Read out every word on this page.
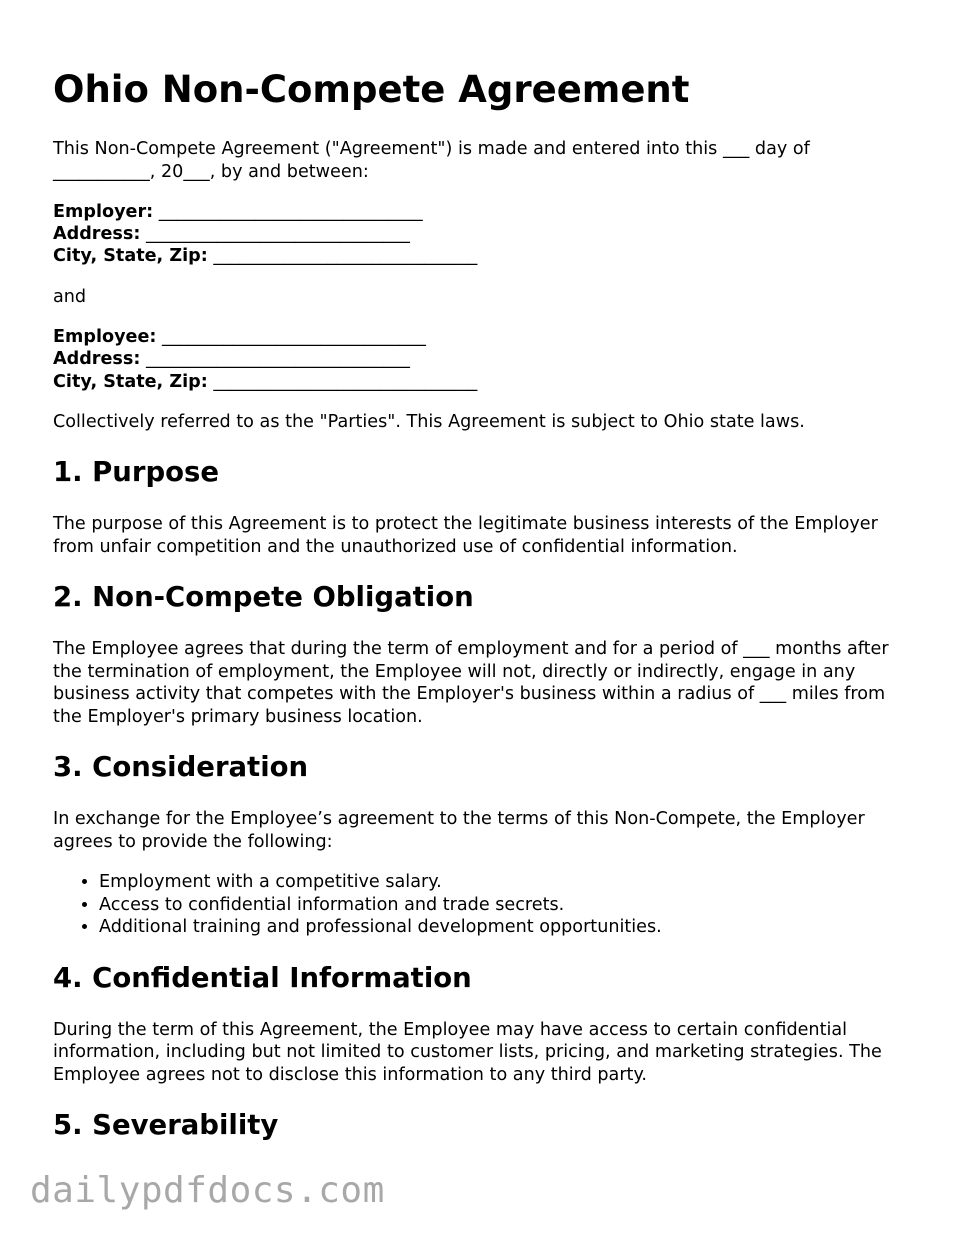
Ohio Non-Compete Agreement

This Non-Compete Agreement ("Agreement") is made and entered into this ___ day of ___________, 20___, by and between:

Employer: ______________________________
Address: ______________________________
City, State, Zip: ______________________________

and

Employee: ______________________________
Address: ______________________________
City, State, Zip: ______________________________

Collectively referred to as the "Parties". This Agreement is subject to Ohio state laws.

1. Purpose

The purpose of this Agreement is to protect the legitimate business interests of the Employer from unfair competition and the unauthorized use of confidential information.

2. Non-Compete Obligation

The Employee agrees that during the term of employment and for a period of ___ months after the termination of employment, the Employee will not, directly or indirectly, engage in any business activity that competes with the Employer's business within a radius of ___ miles from the Employer's primary business location.

3. Consideration

In exchange for the Employee’s agreement to the terms of this Non-Compete, the Employer agrees to provide the following:

• Employment with a competitive salary.
• Access to confidential information and trade secrets.
• Additional training and professional development opportunities.
4. Confidential Information

During the term of this Agreement, the Employee may have access to certain confidential information, including but not limited to customer lists, pricing, and marketing strategies. The Employee agrees not to disclose this information to any third party.

5. Severability
dailypdfdocs.com
